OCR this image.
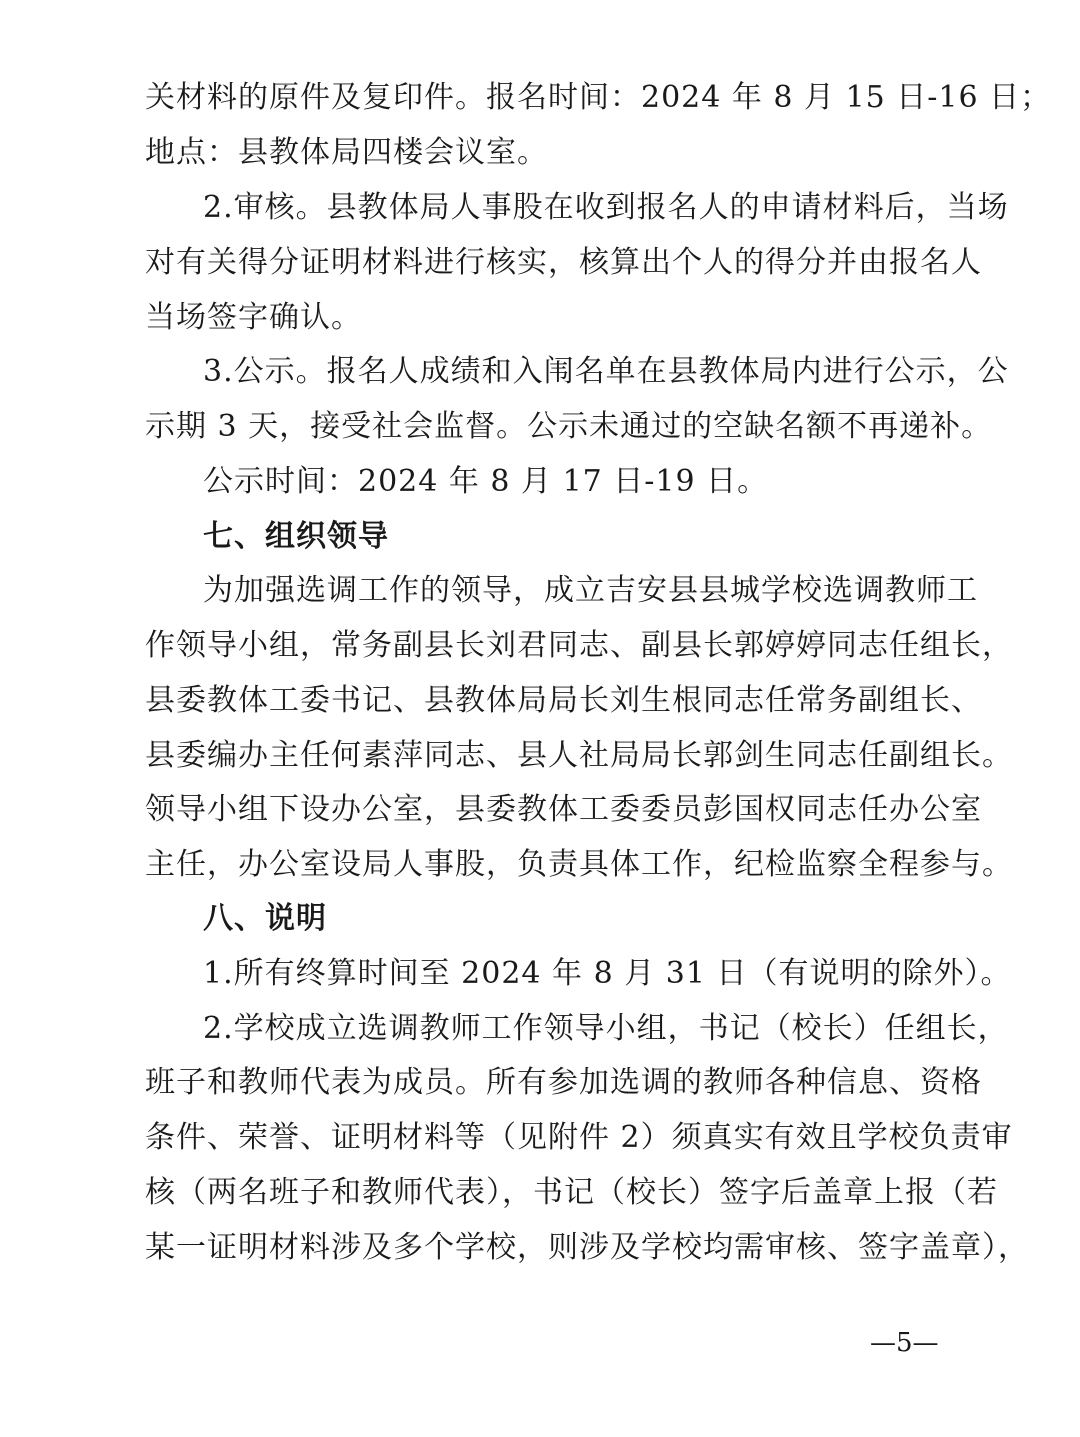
关材料的原件及复印件。报名时间：2024 年 8 月 15 日-16 日；
地点：县教体局四楼会议室。
2.审核。县教体局人事股在收到报名人的申请材料后，当场
对有关得分证明材料进行核实，核算出个人的得分并由报名人
当场签字确认。
3.公示。报名人成绩和入闱名单在县教体局内进行公示，公
示期 3 天，接受社会监督。公示未通过的空缺名额不再递补。
公示时间：2024 年 8 月 17 日-19 日。
七、组织领导
为加强选调工作的领导，成立吉安县县城学校选调教师工
作领导小组，常务副县长刘君同志、副县长郭婷婷同志任组长，
县委教体工委书记、县教体局局长刘生根同志任常务副组长、
县委编办主任何素萍同志、县人社局局长郭剑生同志任副组长。
领导小组下设办公室，县委教体工委委员彭国权同志任办公室
主任，办公室设局人事股，负责具体工作，纪检监察全程参与。
八、说明
1.所有终算时间至 2024 年 8 月 31 日（有说明的除外）。
2.学校成立选调教师工作领导小组，书记（校长）任组长，
班子和教师代表为成员。所有参加选调的教师各种信息、资格
条件、荣誉、证明材料等（见附件 2）须真实有效且学校负责审
核（两名班子和教师代表），书记（校长）签字后盖章上报（若
某一证明材料涉及多个学校，则涉及学校均需审核、签字盖章），
—5—
